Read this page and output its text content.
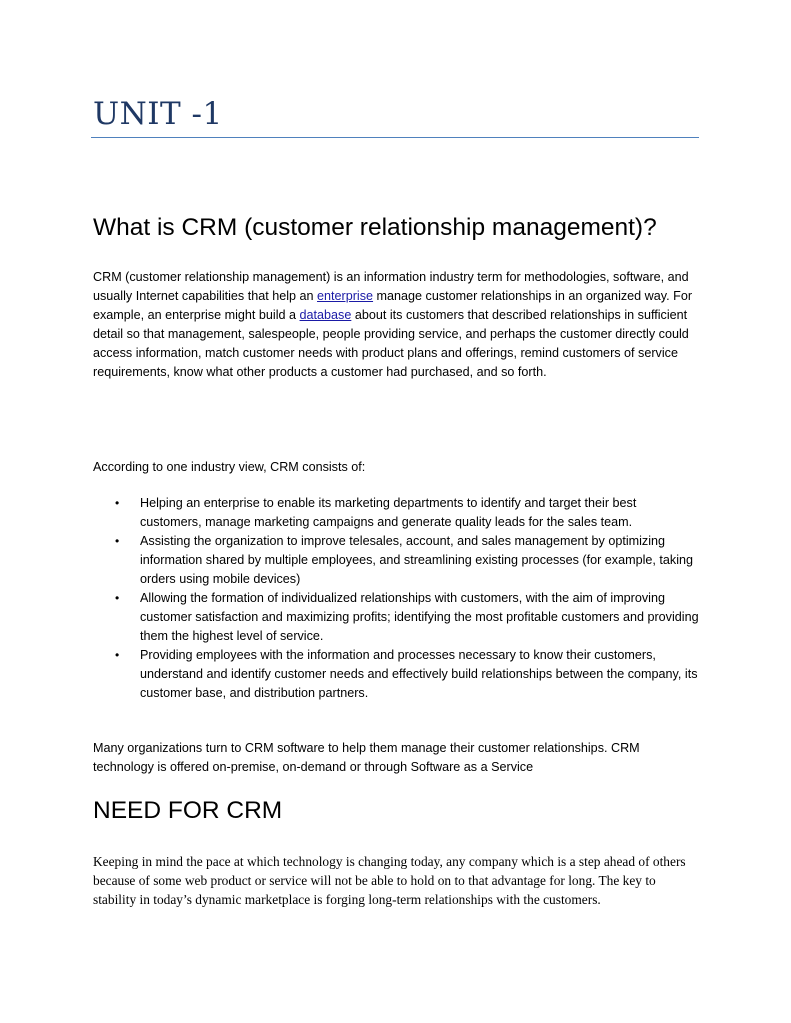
UNIT -1
What is CRM (customer relationship management)?

CRM (customer relationship management) is an information industry term for methodologies, software, and usually Internet capabilities that help an enterprise manage customer relationships in an organized way. For example, an enterprise might build a database about its customers that described relationships in sufficient detail so that management, salespeople, people providing service, and perhaps the customer directly could access information, match customer needs with product plans and offerings, remind customers of service requirements, know what other products a customer had purchased, and so forth.

According to one industry view, CRM consists of:

• Helping an enterprise to enable its marketing departments to identify and target their best customers, manage marketing campaigns and generate quality leads for the sales team.
• Assisting the organization to improve telesales, account, and sales management by optimizing information shared by multiple employees, and streamlining existing processes (for example, taking orders using mobile devices)
• Allowing the formation of individualized relationships with customers, with the aim of improving customer satisfaction and maximizing profits; identifying the most profitable customers and providing them the highest level of service.
• Providing employees with the information and processes necessary to know their customers, understand and identify customer needs and effectively build relationships between the company, its customer base, and distribution partners.

Many organizations turn to CRM software to help them manage their customer relationships. CRM technology is offered on-premise, on-demand or through Software as a Service

NEED FOR CRM

Keeping in mind the pace at which technology is changing today, any company which is a step ahead of others because of some web product or service will not be able to hold on to that advantage for long. The key to stability in today’s dynamic marketplace is forging long-term relationships with the customers.
